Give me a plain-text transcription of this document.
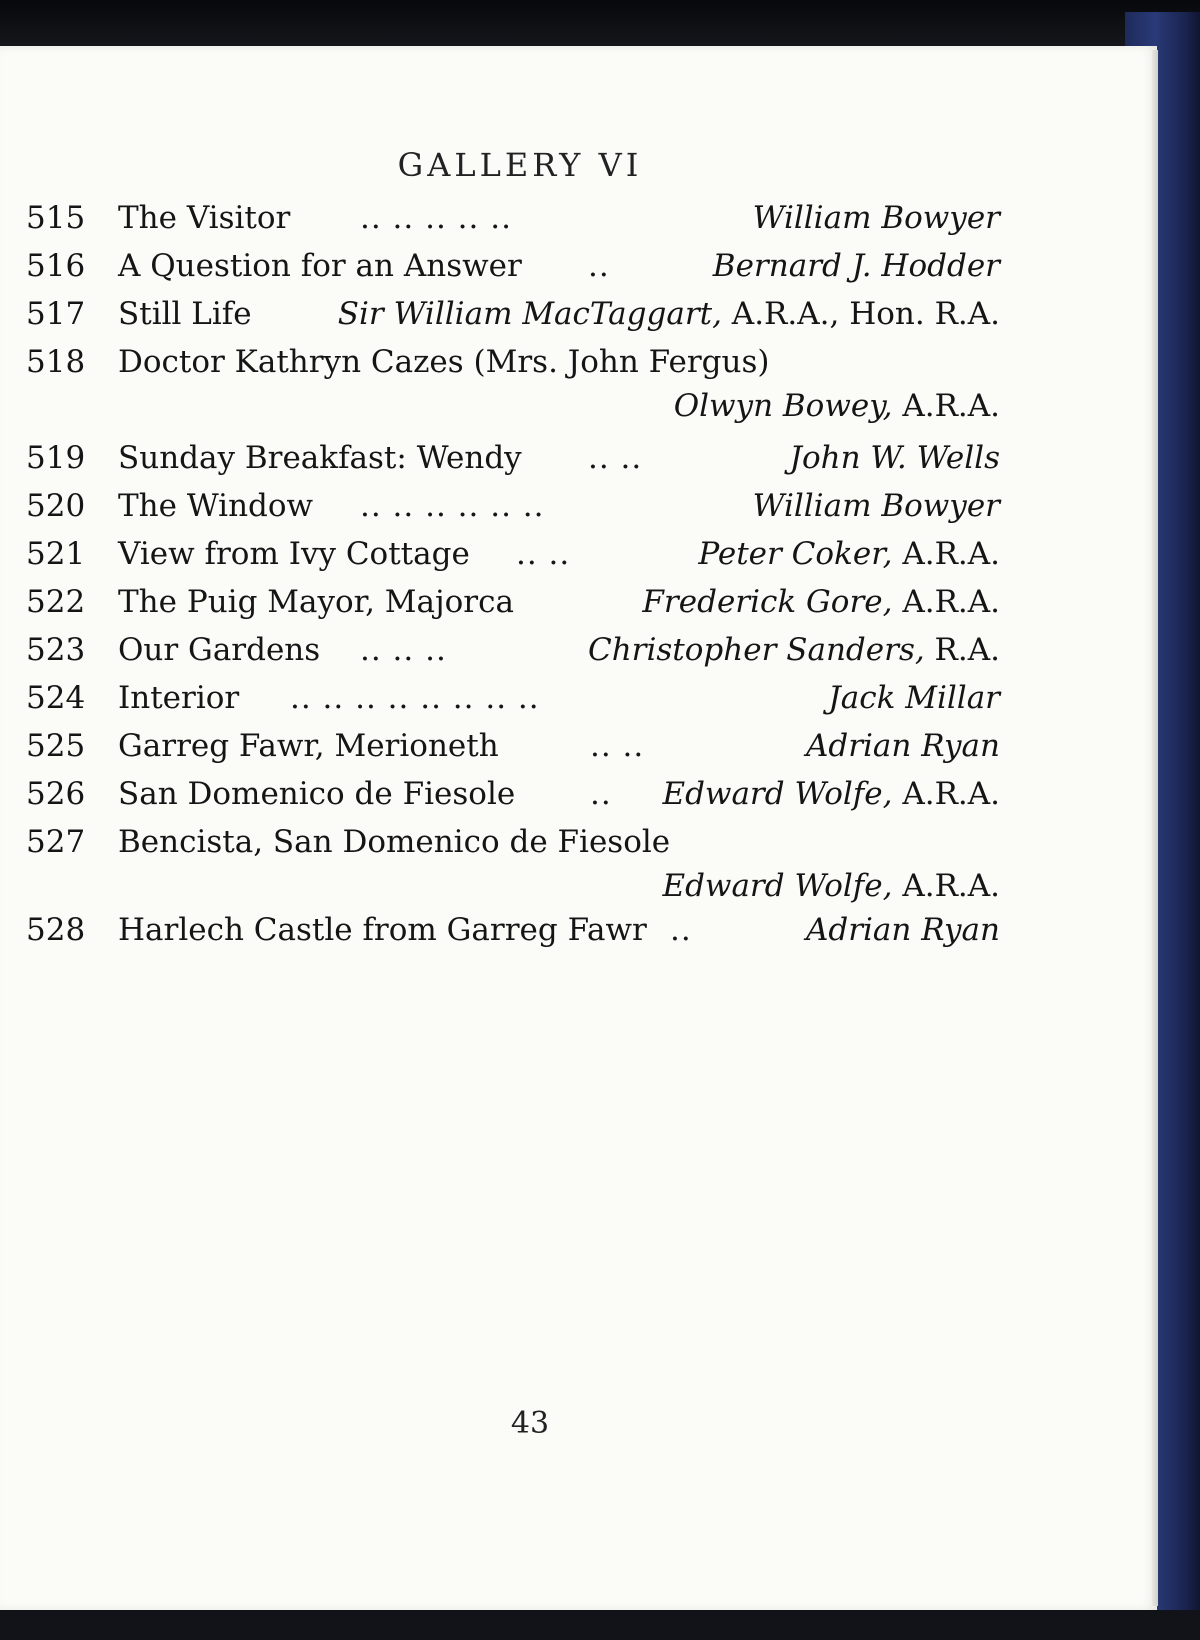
GALLERY VI
515 The Visitor .. .. .. .. ..	William Bowyer
516 A Question for an Answer ..	Bernard J. Hodder
517 Still Life	Sir William MacTaggart, A.R.A., Hon. R.A.
518 Doctor Kathryn Cazes (Mrs. John Fergus)
Olwyn Bowey, A.R.A.
519 Sunday Breakfast: Wendy .. ..	John W. Wells
520 The Window .. .. .. .. .. ..	William Bowyer
521 View from Ivy Cottage .. ..	Peter Coker, A.R.A.
522 The Puig Mayor, Majorca	Frederick Gore, A.R.A.
523 Our Gardens .. .. ..	Christopher Sanders, R.A.
524 Interior .. .. .. .. .. .. .. ..	Jack Millar
525 Garreg Fawr, Merioneth	.. ..	Adrian Ryan
526 San Domenico de Fiesole .. Edward Wolfe, A.R.A.
527 Bencista, San Domenico de Fiesole
Edward Wolfe, A.R.A.
528 Harlech Castle from Garreg Fawr ..	Adrian Ryan
43
